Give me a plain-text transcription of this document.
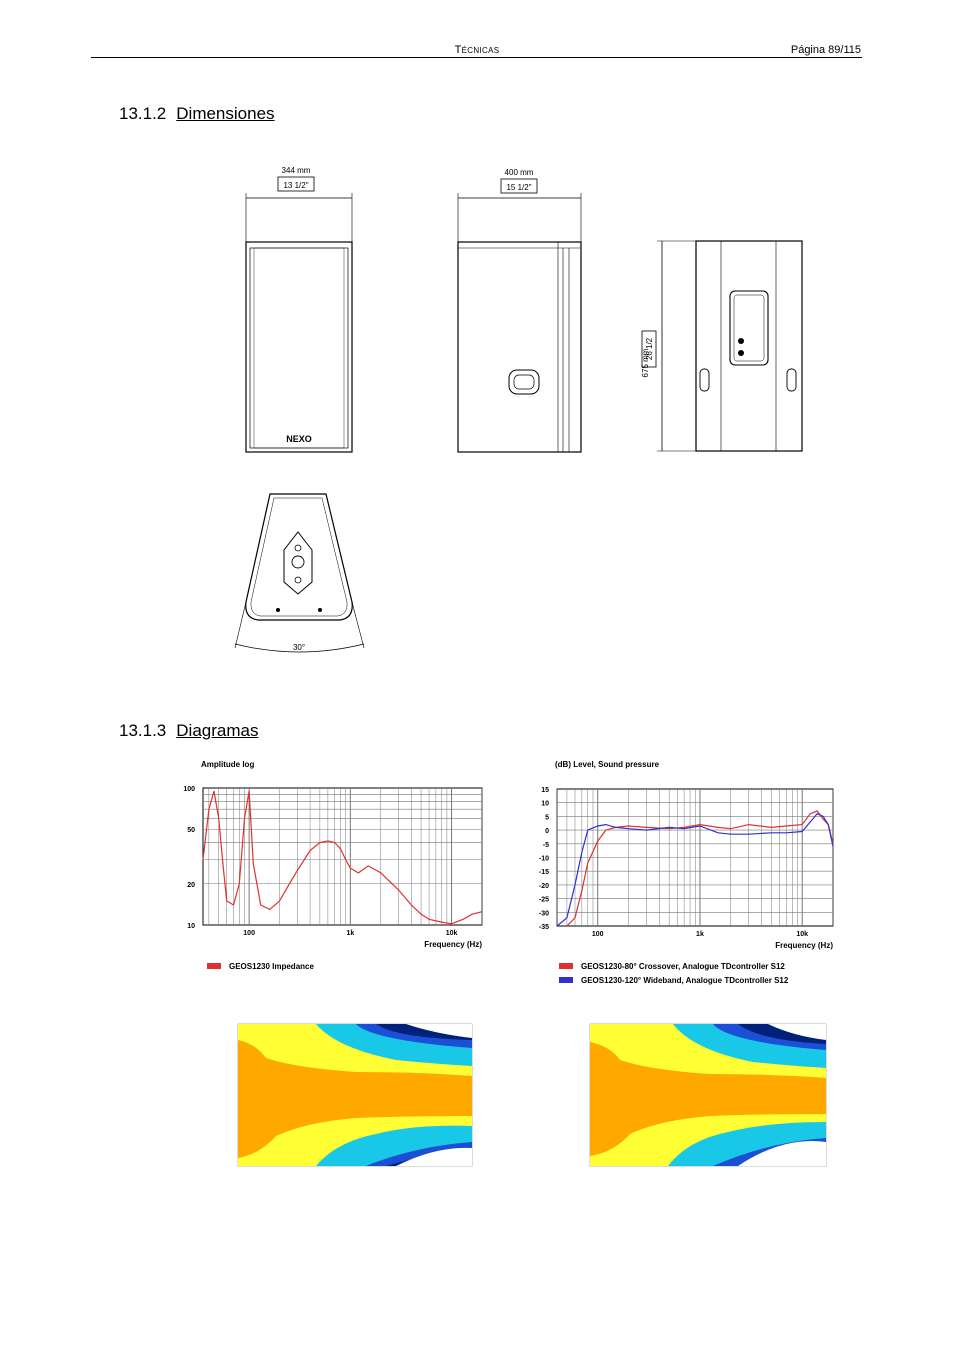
Técnicas	Página 89/115
13.1.2 Dimensiones
344 mm
13 1/2"
NEXO
400 mm
15 1/2"
675 mm
26 1/2
30°
13.1.3 Diagramas
Amplitude log
100	1k	10k
100
50
20
10
Frequency (Hz)
GEOS1230 Impedance
(dB) Level, Sound pressure
100	1k	10k
15
10
5
0
-5
-10
-15
-20
-25
-30
-35
Frequency (Hz)
GEOS1230-80° Crossover, Analogue TDcontroller S12
GEOS1230-120° Wideband, Analogue TDcontroller S12
